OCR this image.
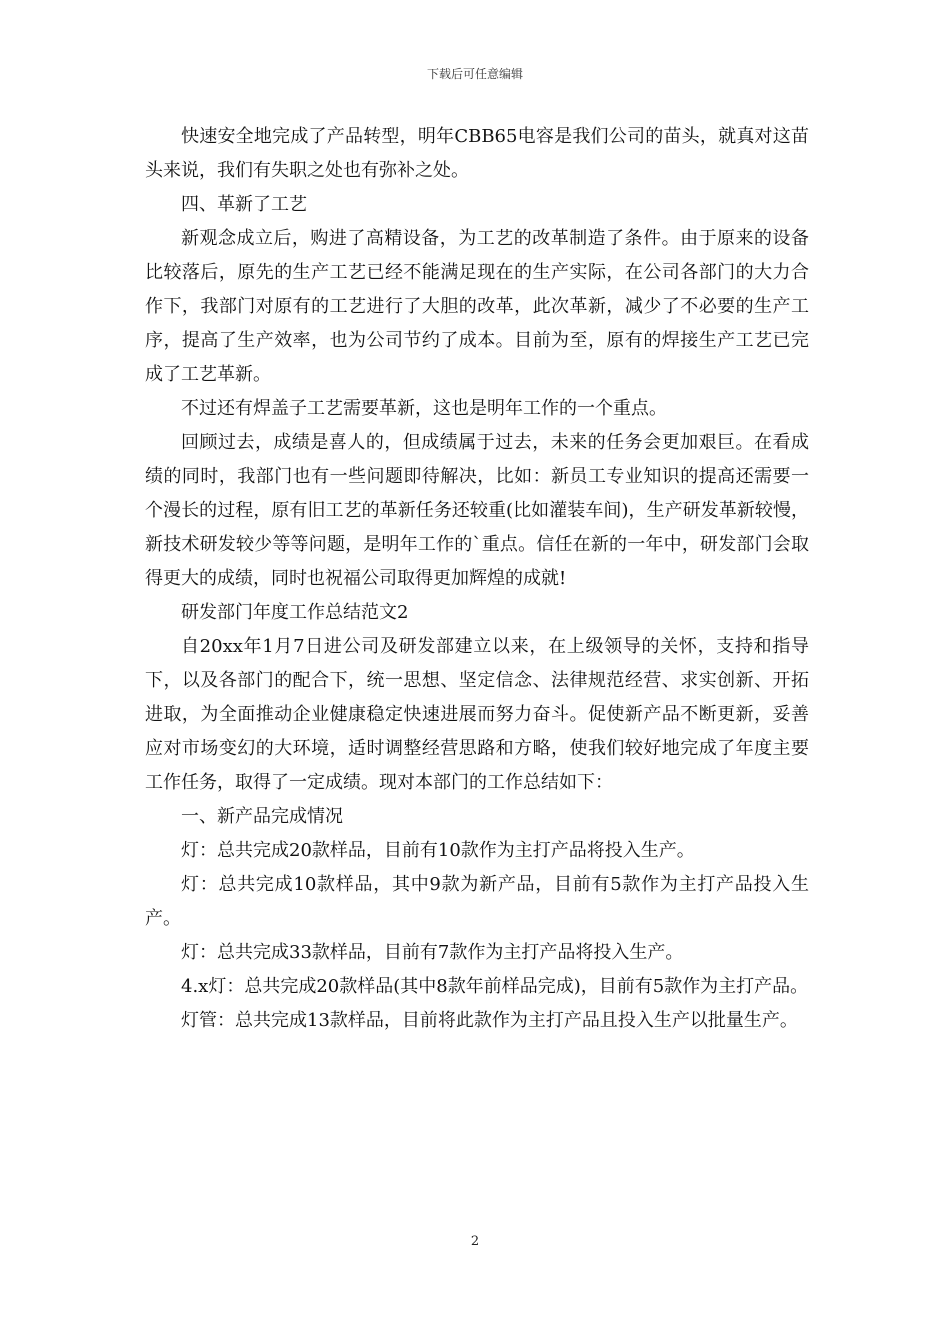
下载后可任意编辑

快速安全地完成了产品转型，明年CBB65电容是我们公司的苗头，就真对这苗头来说，我们有失职之处也有弥补之处。

四、革新了工艺

新观念成立后，购进了高精设备，为工艺的改革制造了条件。由于原来的设备比较落后，原先的生产工艺已经不能满足现在的生产实际，在公司各部门的大力合作下，我部门对原有的工艺进行了大胆的改革，此次革新，减少了不必要的生产工序，提高了生产效率，也为公司节约了成本。目前为至，原有的焊接生产工艺已完成了工艺革新。

不过还有焊盖子工艺需要革新，这也是明年工作的一个重点。

回顾过去，成绩是喜人的，但成绩属于过去，未来的任务会更加艰巨。在看成绩的同时，我部门也有一些问题即待解决，比如：新员工专业知识的提高还需要一个漫长的过程，原有旧工艺的革新任务还较重(比如灌装车间)，生产研发革新较慢，新技术研发较少等等问题，是明年工作的`重点。信任在新的一年中，研发部门会取得更大的成绩，同时也祝福公司取得更加辉煌的成就!

研发部门年度工作总结范文2

自20xx年1月7日进公司及研发部建立以来，在上级领导的关怀，支持和指导下，以及各部门的配合下，统一思想、坚定信念、法律规范经营、求实创新、开拓进取，为全面推动企业健康稳定快速进展而努力奋斗。促使新产品不断更新，妥善应对市场变幻的大环境，适时调整经营思路和方略，使我们较好地完成了年度主要工作任务，取得了一定成绩。现对本部门的工作总结如下：

一、新产品完成情况

灯：总共完成20款样品，目前有10款作为主打产品将投入生产。

灯：总共完成10款样品，其中9款为新产品，目前有5款作为主打产品投入生产。

灯：总共完成33款样品，目前有7款作为主打产品将投入生产。

4.x灯：总共完成20款样品(其中8款年前样品完成)，目前有5款作为主打产品。

灯管：总共完成13款样品，目前将此款作为主打产品且投入生产以批量生产。

2
